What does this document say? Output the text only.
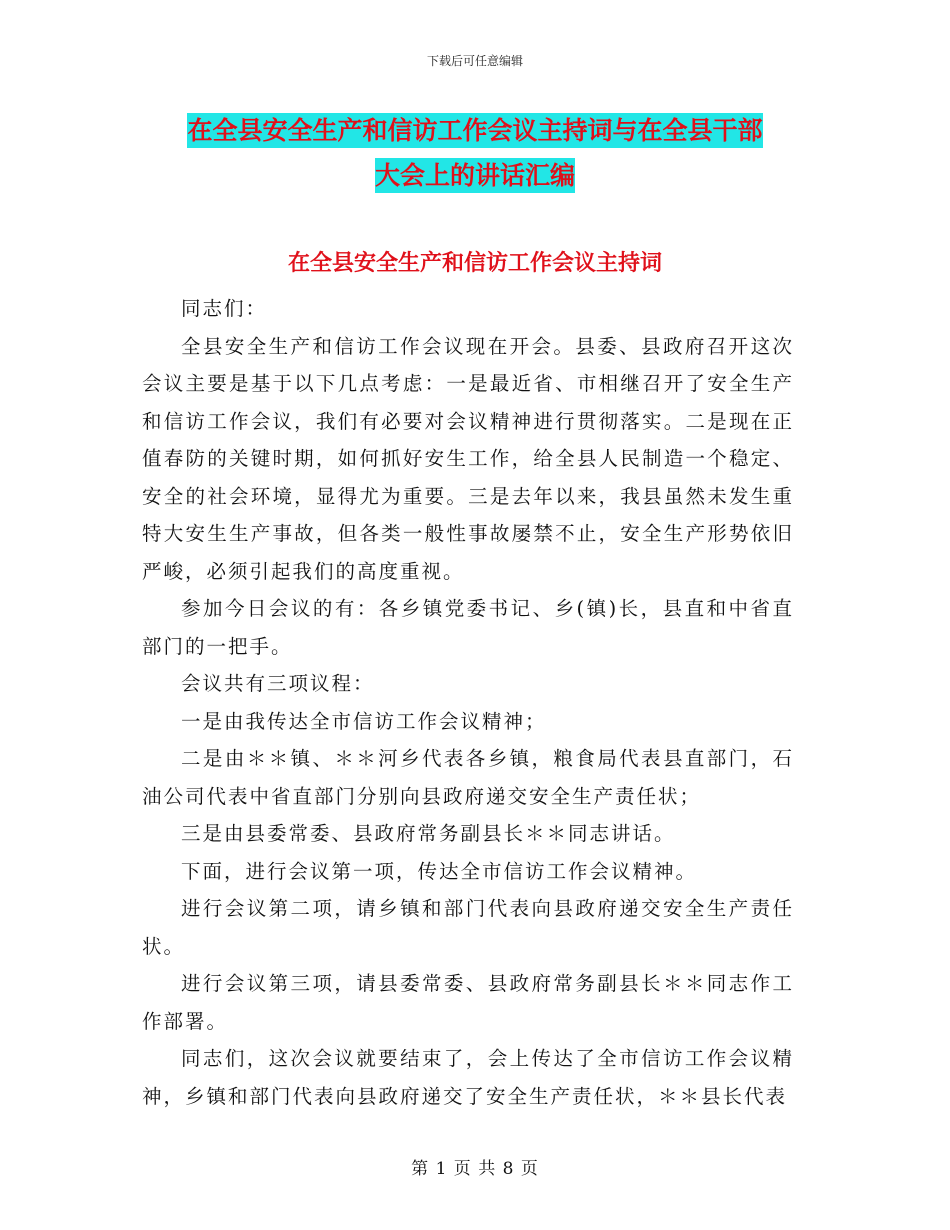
下载后可任意编辑
在全县安全生产和信访工作会议主持词与在全县干部
大会上的讲话汇编
在全县安全生产和信访工作会议主持词

同志们：

全县安全生产和信访工作会议现在开会。县委、县政府召开这次会议主要是基于以下几点考虑：一是最近省、市相继召开了安全生产和信访工作会议，我们有必要对会议精神进行贯彻落实。二是现在正值春防的关键时期，如何抓好安生工作，给全县人民制造一个稳定、安全的社会环境，显得尤为重要。三是去年以来，我县虽然未发生重特大安生生产事故，但各类一般性事故屡禁不止，安全生产形势依旧严峻，必须引起我们的高度重视。

参加今日会议的有：各乡镇党委书记、乡(镇)长，县直和中省直部门的一把手。

会议共有三项议程：

一是由我传达全市信访工作会议精神；

二是由＊＊镇、＊＊河乡代表各乡镇，粮食局代表县直部门，石油公司代表中省直部门分别向县政府递交安全生产责任状；

三是由县委常委、县政府常务副县长＊＊同志讲话。

下面，进行会议第一项，传达全市信访工作会议精神。

进行会议第二项，请乡镇和部门代表向县政府递交安全生产责任状。

进行会议第三项，请县委常委、县政府常务副县长＊＊同志作工作部署。

同志们，这次会议就要结束了，会上传达了全市信访工作会议精神，乡镇和部门代表向县政府递交了安全生产责任状，＊＊县长代表

第 1 页 共 8 页
